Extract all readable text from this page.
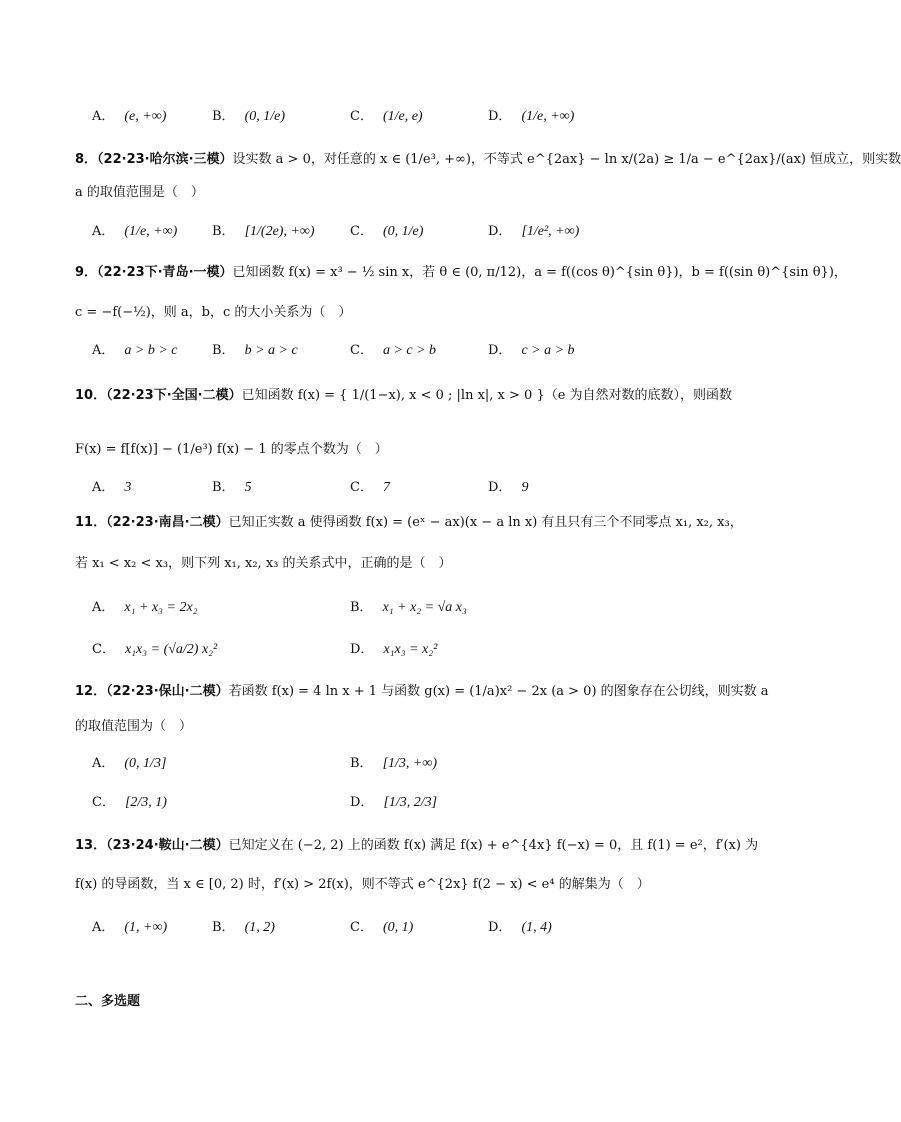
A． (e, +∞)	B． (0, 1/e)	C． (1/e, e)	D． (1/e, +∞)
8．（22·23·哈尔滨·三模）设实数 a > 0，对任意的 x ∈ (1/e³, +∞)，不等式 e^{2ax} − ln x/(2a) ≥ 1/a − e^{2ax}/(ax) 恒成立，则实数
a 的取值范围是（　）
A． (1/e, +∞)	B． [1/(2e), +∞)	C． (0, 1/e)	D． [1/e², +∞)
9．（22·23下·青岛·一模）已知函数 f(x) = x³ − ½ sin x，若 θ ∈ (0, π/12)，a = f((cos θ)^{sin θ})，b = f((sin θ)^{sin θ})，
c = −f(−½)，则 a，b，c 的大小关系为（　）
A． a > b > c	B． b > a > c	C． a > c > b	D． c > a > b
10．（22·23下·全国·二模）已知函数 f(x) = { 1/(1−x), x < 0 ; |ln x|, x > 0 }（e 为自然对数的底数），则函数
F(x) = f[f(x)] − (1/e³) f(x) − 1 的零点个数为（　）
A． 3	B． 5	C． 7	D． 9
11．（22·23·南昌·二模）已知正实数 a 使得函数 f(x) = (eˣ − ax)(x − a ln x) 有且只有三个不同零点 x₁, x₂, x₃，
若 x₁ < x₂ < x₃，则下列 x₁, x₂, x₃ 的关系式中，正确的是（　）
A． x₁ + x₃ = 2x₂	B． x₁ + x₂ = √a x₃
C． x₁x₃ = (√a/2) x₂²	D． x₁x₃ = x₂²
12．（22·23·保山·二模）若函数 f(x) = 4 ln x + 1 与函数 g(x) = (1/a)x² − 2x (a > 0) 的图象存在公切线，则实数 a
的取值范围为（　）
A． (0, 1/3]	B． [1/3, +∞)
C． [2/3, 1)	D． [1/3, 2/3]
13．（23·24·鞍山·二模）已知定义在 (−2, 2) 上的函数 f(x) 满足 f(x) + e^{4x} f(−x) = 0，且 f(1) = e²，f′(x) 为
f(x) 的导函数，当 x ∈ [0, 2) 时，f′(x) > 2f(x)，则不等式 e^{2x} f(2 − x) < e⁴ 的解集为（　）
A． (1, +∞)	B． (1, 2)	C． (0, 1)	D． (1, 4)
二、多选题
